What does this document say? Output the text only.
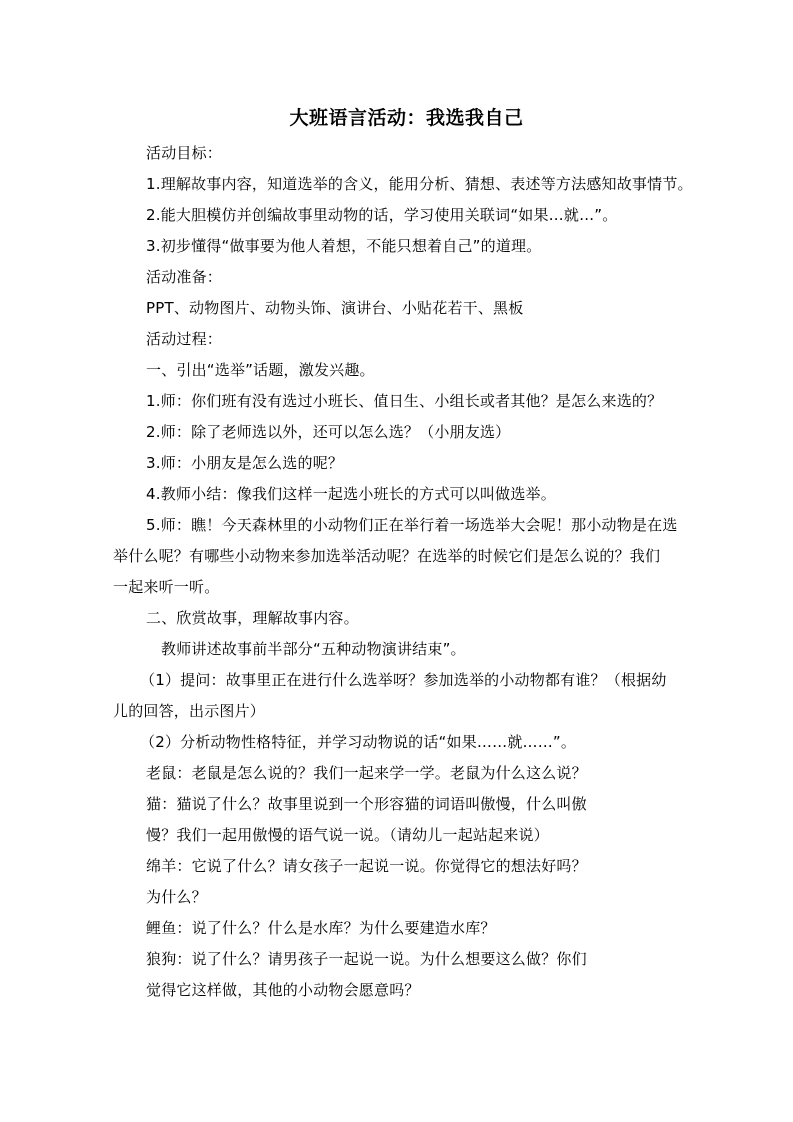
大班语言活动：我选我自己
活动目标：
1.理解故事内容，知道选举的含义，能用分析、猜想、表述等方法感知故事情节。
2.能大胆模仿并创编故事里动物的话，学习使用关联词“如果…就…”。
3.初步懂得“做事要为他人着想，不能只想着自己”的道理。
活动准备：
PPT、动物图片、动物头饰、演讲台、小贴花若干、黑板
活动过程：
一、引出“选举”话题，激发兴趣。
1.师：你们班有没有选过小班长、值日生、小组长或者其他？是怎么来选的？
2.师：除了老师选以外，还可以怎么选？（小朋友选）
3.师：小朋友是怎么选的呢？
4.教师小结：像我们这样一起选小班长的方式可以叫做选举。
5.师：瞧！今天森林里的小动物们正在举行着一场选举大会呢！那小动物是在选
举什么呢？有哪些小动物来参加选举活动呢？在选举的时候它们是怎么说的？我们
一起来听一听。
二、欣赏故事，理解故事内容。
教师讲述故事前半部分“五种动物演讲结束”。
（1）提问：故事里正在进行什么选举呀？参加选举的小动物都有谁？（根据幼
儿的回答，出示图片）
（2）分析动物性格特征，并学习动物说的话“如果……就……”。
老鼠：老鼠是怎么说的？我们一起来学一学。老鼠为什么这么说？
猫：猫说了什么？故事里说到一个形容猫的词语叫傲慢，什么叫傲
慢？我们一起用傲慢的语气说一说。（请幼儿一起站起来说）
绵羊：它说了什么？请女孩子一起说一说。你觉得它的想法好吗？
为什么？
鲤鱼：说了什么？什么是水库？为什么要建造水库？
狼狗：说了什么？请男孩子一起说一说。为什么想要这么做？你们
觉得它这样做，其他的小动物会愿意吗？
